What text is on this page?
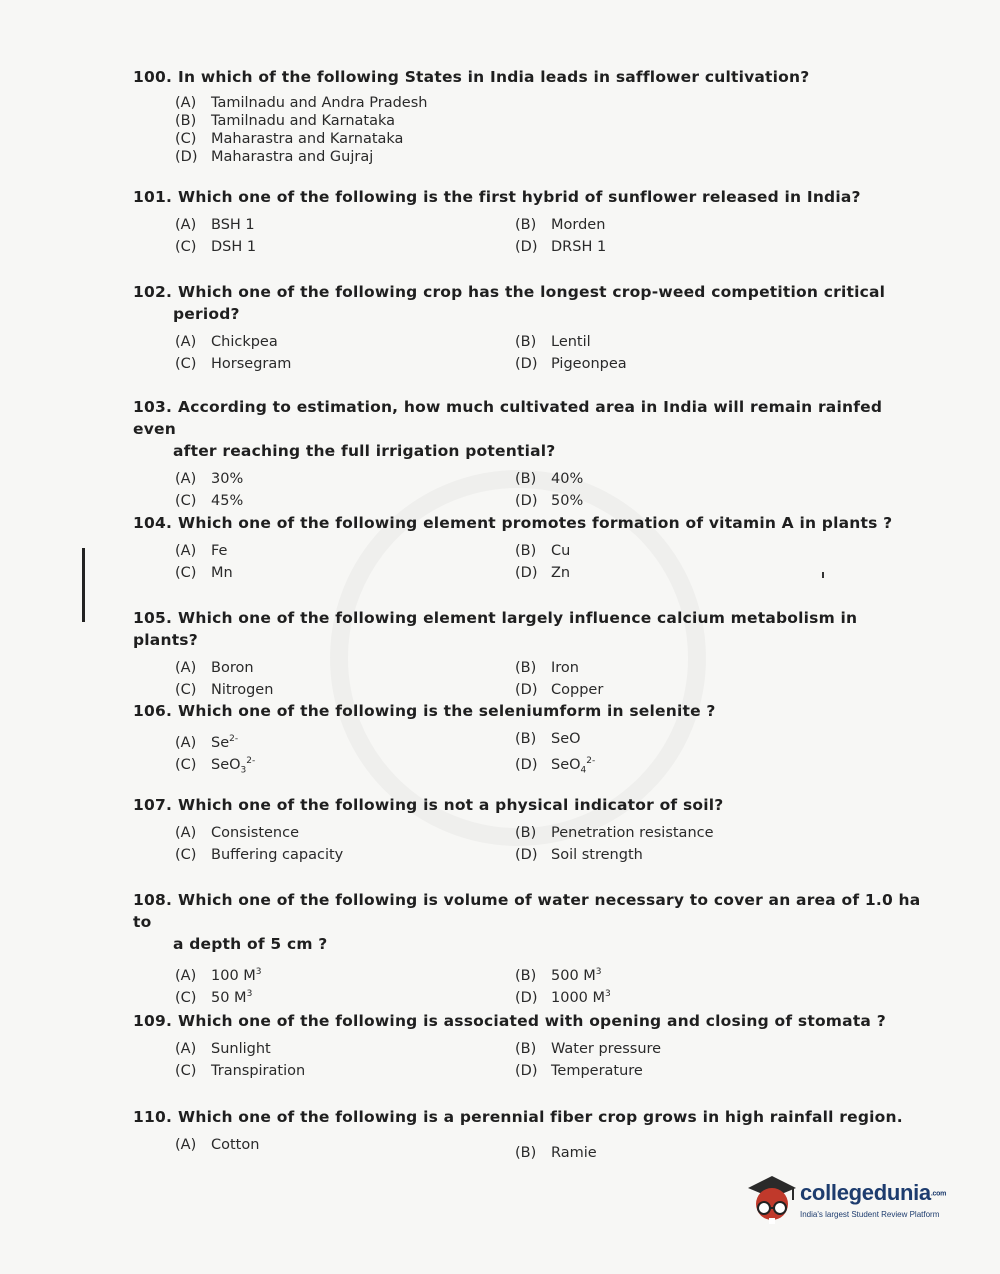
100. In which of the following States in India leads in safflower cultivation?
(A) Tamilnadu and Andra Pradesh
(B) Tamilnadu and Karnataka
(C) Maharastra and Karnataka
(D) Maharastra and Gujraj
101. Which one of the following is the first hybrid of sunflower released in India?
(A) BSH 1	(B) Morden
(C) DSH 1	(D) DRSH 1
102. Which one of the following crop has the longest crop-weed competition critical
period?
(A) Chickpea	(B) Lentil
(C) Horsegram	(D) Pigeonpea
103. According to estimation, how much cultivated area in India will remain rainfed even
after reaching the full irrigation potential?
(A) 30%	(B) 40%
(C) 45%	(D) 50%
104. Which one of the following element promotes formation of vitamin A in plants ?
(A) Fe	(B) Cu
(C) Mn	(D) Zn
105. Which one of the following element largely influence calcium metabolism in plants?
(A) Boron	(B) Iron
(C) Nitrogen	(D) Copper
106. Which one of the following is the seleniumform in selenite ?
(A) $Se^{2-}$	(B) SeO
(C) SeO$_3^{2-}$	(D) SeO$_4^{2-}$
107. Which one of the following is not a physical indicator of soil?
(A) Consistence	(B) Penetration resistance
(C) Buffering capacity	(D) Soil strength
108. Which one of the following is volume of water necessary to cover an area of 1.0 ha to
a depth of 5 cm ?
(A) 100 $M^3$	(B) 500 $M^3$
(C) 50 $M^3$	(D) 1000 $M^3$
109. Which one of the following is associated with opening and closing of stomata ?
(A) Sunlight	(B) Water pressure
(C) Transpiration	(D) Temperature
110. Which one of the following is a perennial fiber crop grows in high rainfall region.
(A) Cotton	(B) Ramie
collegedunia.com
India's largest Student Review Platform
